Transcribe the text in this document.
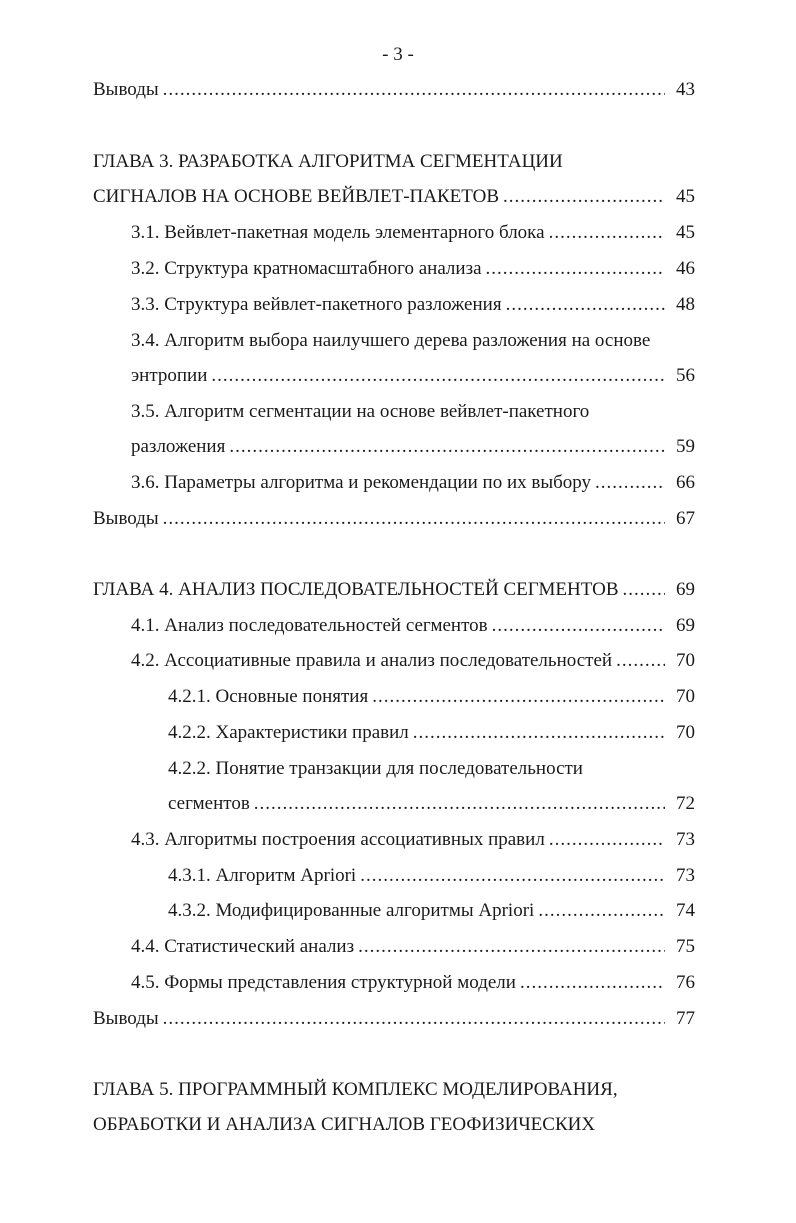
- 3 -
Выводы .....	43
ГЛАВА 3. РАЗРАБОТКА АЛГОРИТМА СЕГМЕНТАЦИИ
СИГНАЛОВ НА ОСНОВЕ ВЕЙВЛЕТ-ПАКЕТОВ .....	45
3.1. Вейвлет-пакетная модель элементарного блока .....	45
3.2. Структура кратномасштабного анализа .....	46
3.3. Структура вейвлет-пакетного разложения .....	48
3.4. Алгоритм выбора наилучшего дерева разложения на основе
энтропии .....	56
3.5. Алгоритм сегментации на основе вейвлет-пакетного
разложения .....	59
3.6. Параметры алгоритма и рекомендации по их выбору .....	66
Выводы .....	67
ГЛАВА 4. АНАЛИЗ ПОСЛЕДОВАТЕЛЬНОСТЕЙ СЕГМЕНТОВ .....	69
4.1. Анализ последовательностей сегментов .....	69
4.2. Ассоциативные правила и анализ последовательностей .....	70
4.2.1. Основные понятия .....	70
4.2.2. Характеристики правил .....	70
4.2.2. Понятие транзакции для последовательности
сегментов .....	72
4.3. Алгоритмы построения ассоциативных правил .....	73
4.3.1. Алгоритм Apriori .....	73
4.3.2. Модифицированные алгоритмы Apriori .....	74
4.4. Статистический анализ .....	75
4.5. Формы представления структурной модели .....	76
Выводы .....	77
ГЛАВА 5. ПРОГРАММНЫЙ КОМПЛЕКС МОДЕЛИРОВАНИЯ,
ОБРАБОТКИ И АНАЛИЗА СИГНАЛОВ ГЕОФИЗИЧЕСКИХ
